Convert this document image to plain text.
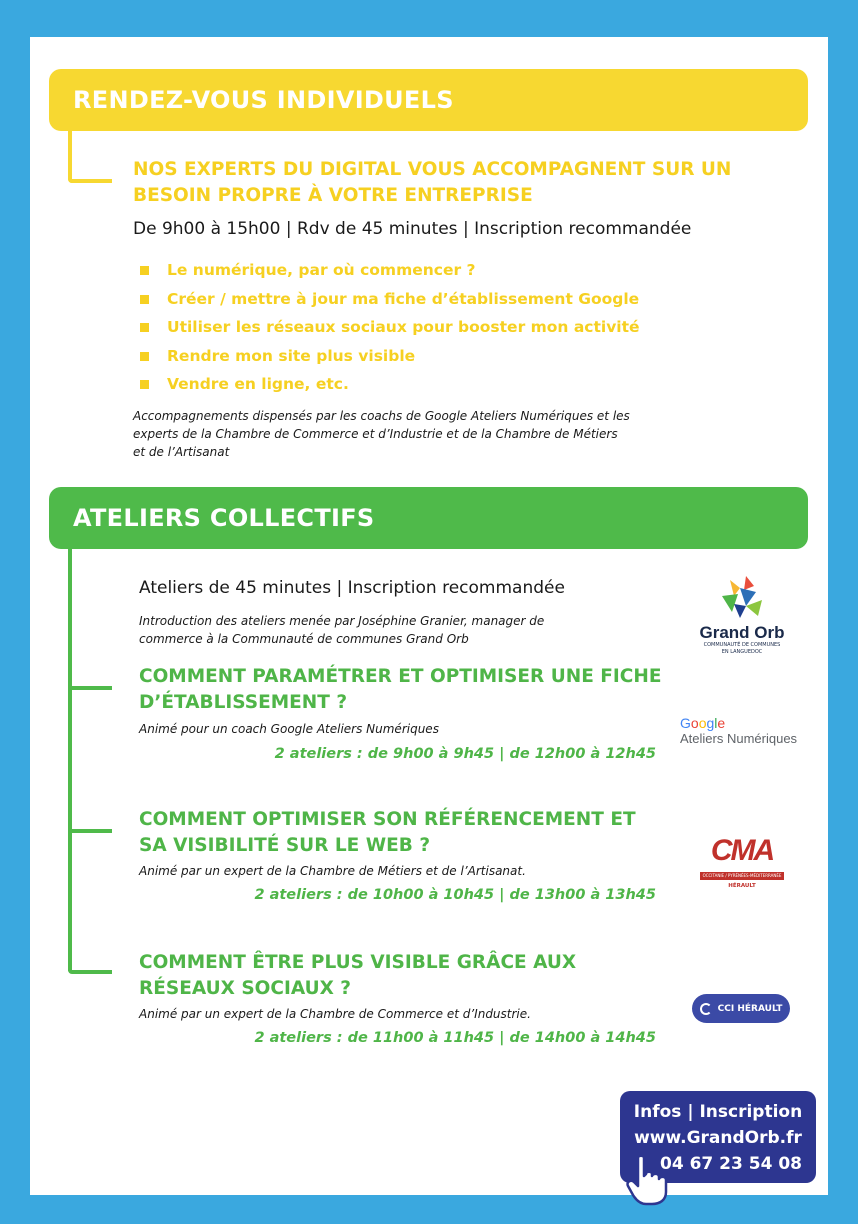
RENDEZ-VOUS INDIVIDUELS
NOS EXPERTS DU DIGITAL VOUS ACCOMPAGNENT SUR UN
BESOIN PROPRE À VOTRE ENTREPRISE
De 9h00 à 15h00 | Rdv de 45 minutes | Inscription recommandée
Le numérique, par où commencer ?
Créer / mettre à jour ma fiche d’établissement Google
Utiliser les réseaux sociaux pour booster mon activité
Rendre mon site plus visible
Vendre en ligne, etc.
Accompagnements dispensés par les coachs de Google Ateliers Numériques et les
experts de la Chambre de Commerce et d’Industrie et de la Chambre de Métiers
et de l’Artisanat
ATELIERS COLLECTIFS
Ateliers de 45 minutes | Inscription recommandée
Introduction des ateliers menée par Joséphine Granier, manager de
commerce à la Communauté de communes Grand Orb
COMMENT PARAMÉTRER ET OPTIMISER UNE FICHE
D’ÉTABLISSEMENT ?
Animé pour un coach Google Ateliers Numériques
2 ateliers : de 9h00 à 9h45 | de 12h00 à 12h45
COMMENT OPTIMISER SON RÉFÉRENCEMENT ET
SA VISIBILITÉ SUR LE WEB ?
Animé par un expert de la Chambre de Métiers et de l’Artisanat.
2 ateliers : de 10h00 à 10h45 | de 13h00 à 13h45
COMMENT ÊTRE PLUS VISIBLE GRÂCE AUX
RÉSEAUX SOCIAUX ?
Animé par un expert de la Chambre de Commerce et d’Industrie.
2 ateliers : de 11h00 à 11h45 | de 14h00 à 14h45
Grand Orb
COMMUNAUTÉ DE COMMUNES
EN LANGUEDOC
Google
Ateliers Numériques
CMA
OCCITANIE / PYRÉNÉES-MÉDITERRANÉE
HÉRAULT
CCI HÉRAULT
Infos | Inscription
www.GrandOrb.fr
04 67 23 54 08
